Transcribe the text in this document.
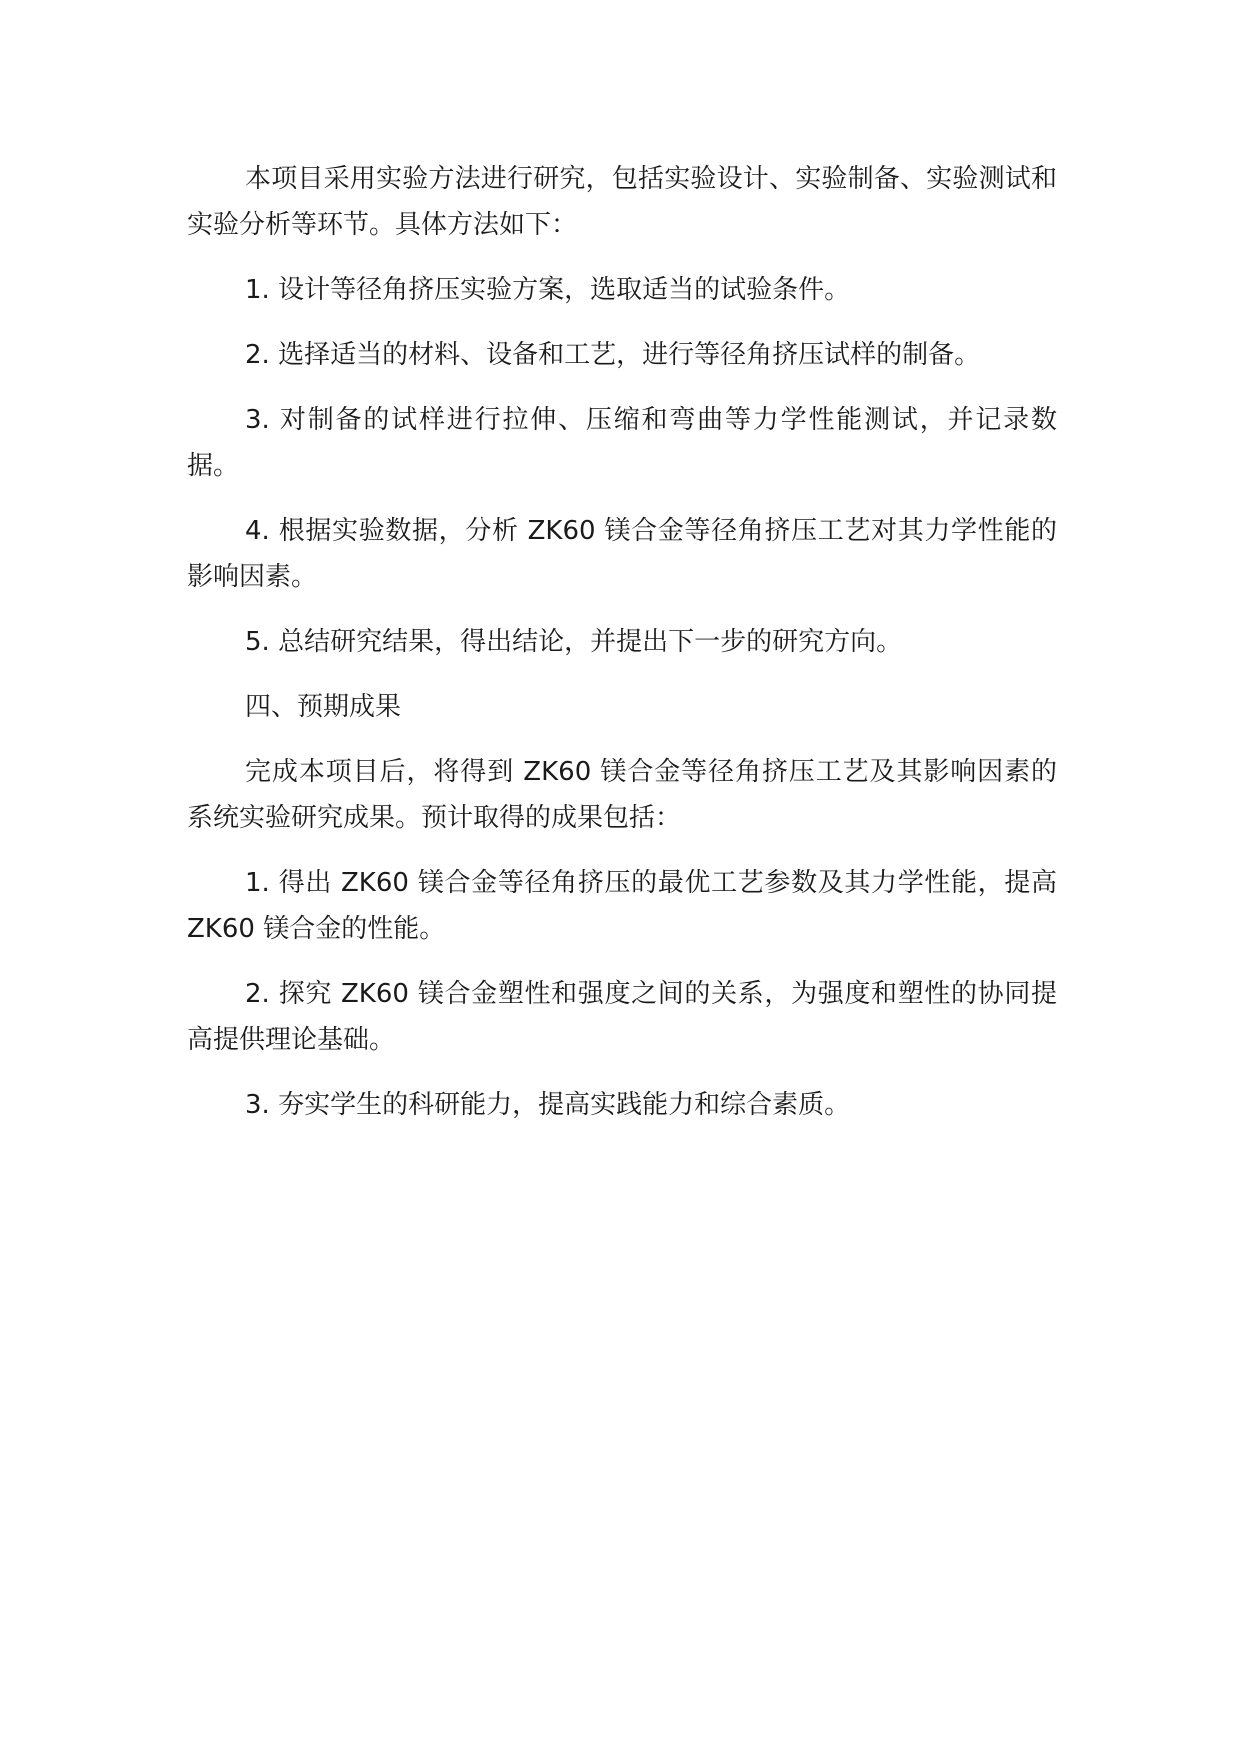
本项目采用实验方法进行研究，包括实验设计、实验制备、实验测试和实验分析等环节。具体方法如下：

1. 设计等径角挤压实验方案，选取适当的试验条件。

2. 选择适当的材料、设备和工艺，进行等径角挤压试样的制备。

3. 对制备的试样进行拉伸、压缩和弯曲等力学性能测试，并记录数据。

4. 根据实验数据，分析 ZK60 镁合金等径角挤压工艺对其力学性能的影响因素。

5. 总结研究结果，得出结论，并提出下一步的研究方向。

四、预期成果

完成本项目后，将得到 ZK60 镁合金等径角挤压工艺及其影响因素的系统实验研究成果。预计取得的成果包括：

1. 得出 ZK60 镁合金等径角挤压的最优工艺参数及其力学性能，提高 ZK60 镁合金的性能。

2. 探究 ZK60 镁合金塑性和强度之间的关系，为强度和塑性的协同提高提供理论基础。

3. 夯实学生的科研能力，提高实践能力和综合素质。
